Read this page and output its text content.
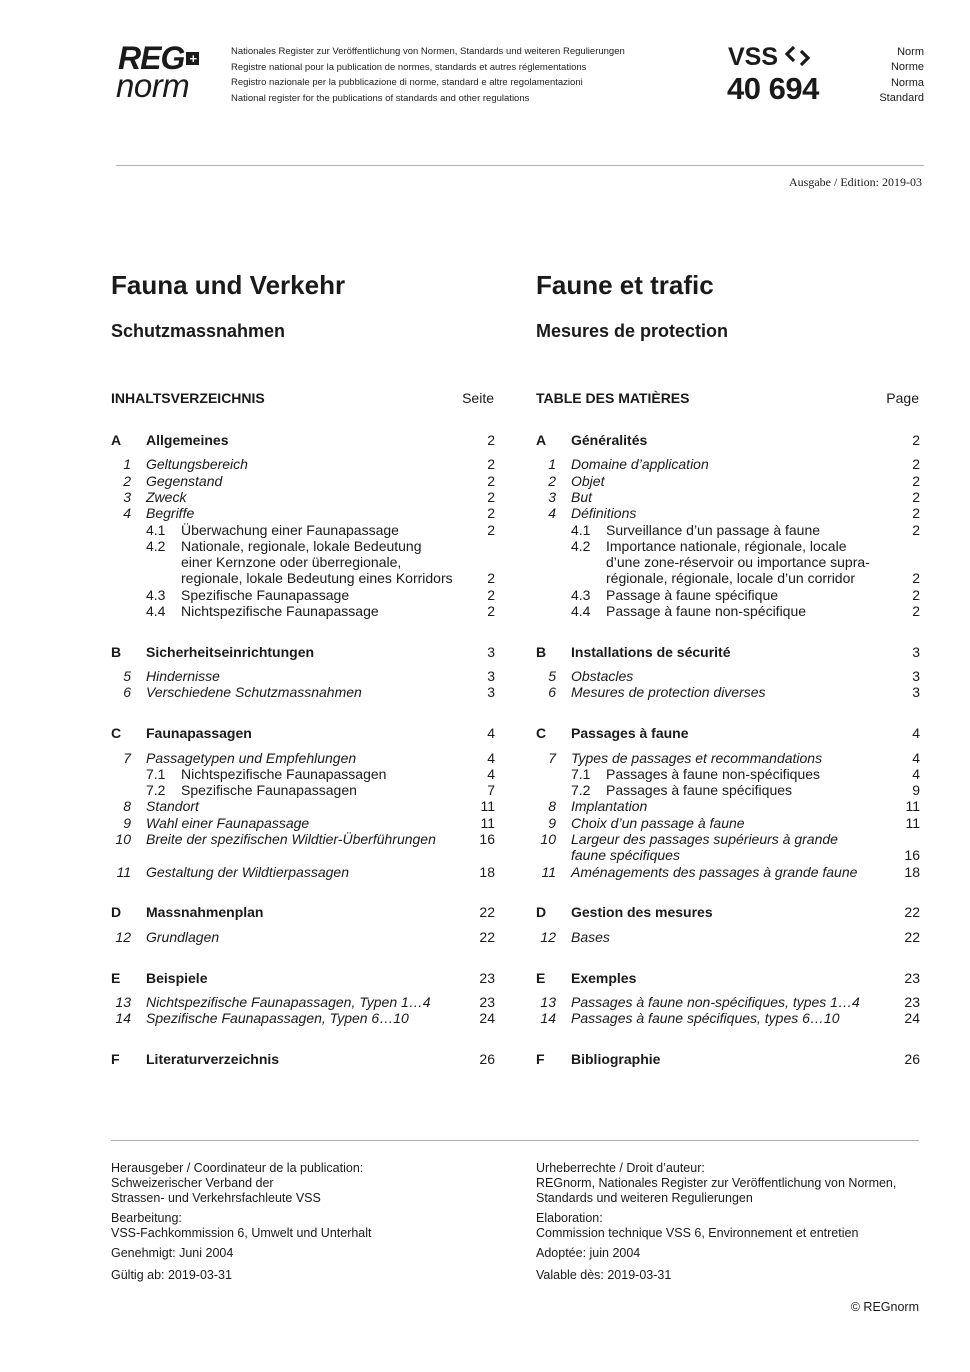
REG +
norm
Nationales Register zur Veröffentlichung von Normen, Standards und weiteren Regulierungen
Registre national pour la publication de normes, standards et autres réglementations
Registro nazionale per la pubblicazione di norme, standard e altre regolamentazioni
National register for the publications of standards and other regulations
VSS
40 694
Norm
Norme
Norma
Standard
Ausgabe / Edition: 2019-03
Fauna und Verkehr	Faune et trafic
Schutzmassnahmen	Mesures de protection
INHALTSVERZEICHNIS	Seite	TABLE DES MATIÈRES	Page
A Allgemeines	2
1 Geltungsbereich	2
2 Gegenstand	2
3 Zweck	2
4 Begriffe	2
4.1	Überwachung einer Faunapassage	2
4.2	Nationale, regionale, lokale Bedeutung
einer Kernzone oder überregionale,
regionale, lokale Bedeutung eines Korridors 2
4.3	Spezifische Faunapassage	2
4.4	Nichtspezifische Faunapassage	2
B Sicherheitseinrichtungen	3
5 Hindernisse	3
6 Verschiedene Schutzmassnahmen	3
C Faunapassagen	4
7 Passagetypen und Empfehlungen	4
7.1	Nichtspezifische Faunapassagen	4
7.2	Spezifische Faunapassagen	7
8 Standort	11
9 Wahl einer Faunapassage	11
10 Breite der spezifischen Wildtier-Überführungen	16
11 Gestaltung der Wildtierpassagen	18
D Massnahmenplan	22
12 Grundlagen	22
E Beispiele	23
13 Nichtspezifische Faunapassagen, Typen 1…4	23
14 Spezifische Faunapassagen, Typen 6…10	24
F Literaturverzeichnis	26
A Généralités	2
1 Domaine d’application	2
2 Objet	2
3 But	2
4 Définitions	2
4.1	Surveillance d’un passage à faune	2
4.2	Importance nationale, régionale, locale
d’une zone-réservoir ou importance supra-
régionale, régionale, locale d’un corridor	2
4.3	Passage à faune spécifique	2
4.4	Passage à faune non-spécifique	2
B Installations de sécurité	3
5 Obstacles	3
6 Mesures de protection diverses	3
C Passages à faune	4
7 Types de passages et recommandations	4
7.1	Passages à faune non-spécifiques	4
7.2	Passages à faune spécifiques	9
8 Implantation	11
9 Choix d’un passage à faune	11
10 Largeur des passages supérieurs à grande
faune spécifiques	16
11 Aménagements des passages à grande faune	18
D Gestion des mesures	22
12 Bases	22
E Exemples	23
13 Passages à faune non-spécifiques, types 1…4	23
14 Passages à faune spécifiques, types 6…10	24
F Bibliographie	26
Herausgeber / Coordinateur de la publication:
Schweizerischer Verband der
Strassen- und Verkehrsfachleute VSS
Bearbeitung:
VSS-Fachkommission 6, Umwelt und Unterhalt
Genehmigt: Juni 2004
Gültig ab: 2019-03-31
Urheberrechte / Droit d’auteur:
REGnorm, Nationales Register zur Veröffentlichung von Normen,
Standards und weiteren Regulierungen
Elaboration:
Commission technique VSS 6, Environnement et entretien
Adoptée: juin 2004
Valable dès: 2019-03-31
© REGnorm
